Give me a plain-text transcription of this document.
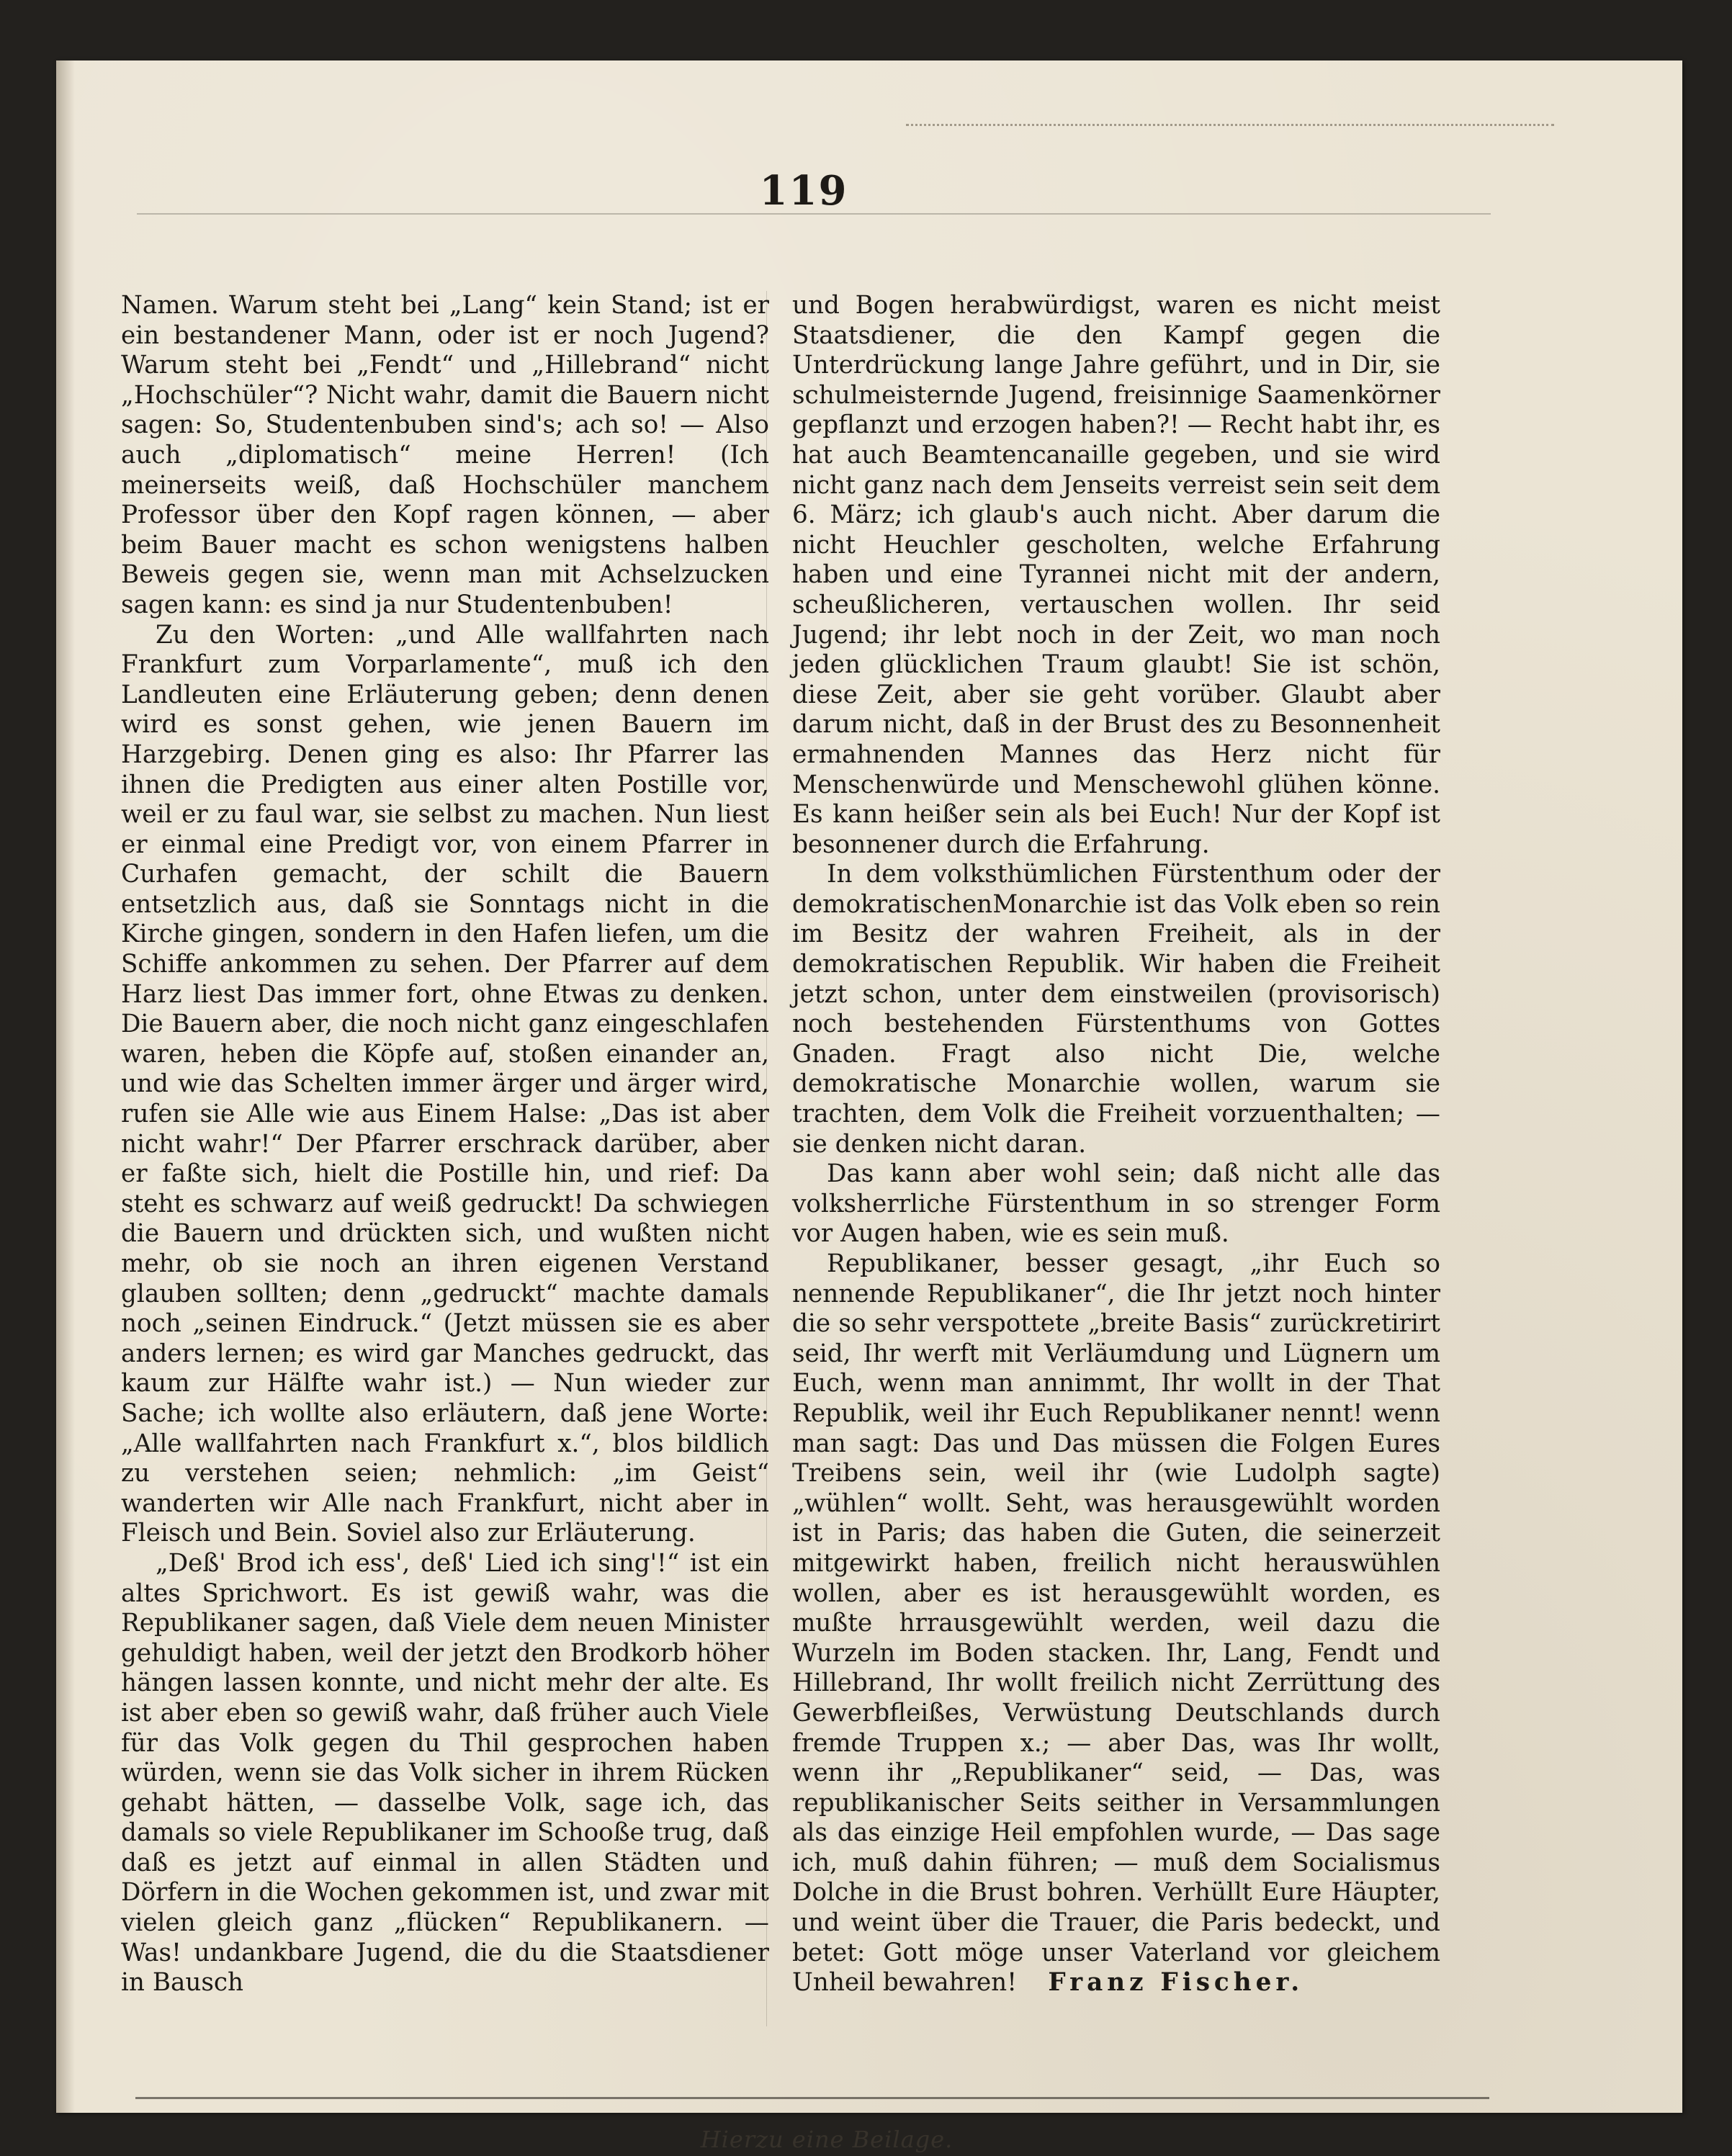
119

Namen. Warum steht bei „Lang“ kein Stand; ist er ein bestandener Mann, oder ist er noch Jugend? Warum steht bei „Fendt“ und „Hillebrand“ nicht „Hochschüler“? Nicht wahr, damit die Bauern nicht sagen: So, Studentenbuben sind's; ach so! — Also auch „diplomatisch“ meine Herren! (Ich meinerseits weiß, daß Hochschüler manchem Professor über den Kopf ragen können, — aber beim Bauer macht es schon wenigstens halben Beweis gegen sie, wenn man mit Achselzucken sagen kann: es sind ja nur Studentenbuben!

Zu den Worten: „und Alle wallfahrten nach Frankfurt zum Vorparlamente“, muß ich den Landleuten eine Erläuterung geben; denn denen wird es sonst gehen, wie jenen Bauern im Harzgebirg. Denen ging es also: Ihr Pfarrer las ihnen die Predigten aus einer alten Postille vor, weil er zu faul war, sie selbst zu machen. Nun liest er einmal eine Predigt vor, von einem Pfarrer in Curhafen gemacht, der schilt die Bauern entsetzlich aus, daß sie Sonntags nicht in die Kirche gingen, sondern in den Hafen liefen, um die Schiffe ankommen zu sehen. Der Pfarrer auf dem Harz liest Das immer fort, ohne Etwas zu denken. Die Bauern aber, die noch nicht ganz eingeschlafen waren, heben die Köpfe auf, stoßen einander an, und wie das Schelten immer ärger und ärger wird, rufen sie Alle wie aus Einem Halse: „Das ist aber nicht wahr!“ Der Pfarrer erschrack darüber, aber er faßte sich, hielt die Postille hin, und rief: Da steht es schwarz auf weiß gedruckt! Da schwiegen die Bauern und drückten sich, und wußten nicht mehr, ob sie noch an ihren eigenen Verstand glauben sollten; denn „gedruckt“ machte damals noch „seinen Eindruck.“ (Jetzt müssen sie es aber anders lernen; es wird gar Manches gedruckt, das kaum zur Hälfte wahr ist.) — Nun wieder zur Sache; ich wollte also erläutern, daß jene Worte: „Alle wallfahrten nach Frankfurt x.“, blos bildlich zu verstehen seien; nehmlich: „im Geist“ wanderten wir Alle nach Frankfurt, nicht aber in Fleisch und Bein. Soviel also zur Erläuterung.

„Deß' Brod ich ess', deß' Lied ich sing'!“ ist ein altes Sprichwort. Es ist gewiß wahr, was die Republikaner sagen, daß Viele dem neuen Minister gehuldigt haben, weil der jetzt den Brodkorb höher hängen lassen konnte, und nicht mehr der alte. Es ist aber eben so gewiß wahr, daß früher auch Viele für das Volk gegen du Thil gesprochen haben würden, wenn sie das Volk sicher in ihrem Rücken gehabt hätten, — dasselbe Volk, sage ich, das damals so viele Republikaner im Schooße trug, daß daß es jetzt auf einmal in allen Städten und Dörfern in die Wochen gekommen ist, und zwar mit vielen gleich ganz „flücken“ Republikanern. — Was! undankbare Jugend, die du die Staatsdiener in Bausch

und Bogen herabwürdigst, waren es nicht meist Staatsdiener, die den Kampf gegen die Unterdrückung lange Jahre geführt, und in Dir, sie schulmeisternde Jugend, freisinnige Saamenkörner gepflanzt und erzogen haben?! — Recht habt ihr, es hat auch Beamtencanaille gegeben, und sie wird nicht ganz nach dem Jenseits verreist sein seit dem 6. März; ich glaub's auch nicht. Aber darum die nicht Heuchler gescholten, welche Erfahrung haben und eine Tyrannei nicht mit der andern, scheußlicheren, vertauschen wollen. Ihr seid Jugend; ihr lebt noch in der Zeit, wo man noch jeden glücklichen Traum glaubt! Sie ist schön, diese Zeit, aber sie geht vorüber. Glaubt aber darum nicht, daß in der Brust des zu Besonnenheit ermahnenden Mannes das Herz nicht für Menschenwürde und Menschewohl glühen könne. Es kann heißer sein als bei Euch! Nur der Kopf ist besonnener durch die Erfahrung.

In dem volksthümlichen Fürstenthum oder der demokratischenMonarchie ist das Volk eben so rein im Besitz der wahren Freiheit, als in der demokratischen Republik. Wir haben die Freiheit jetzt schon, unter dem einstweilen (provisorisch) noch bestehenden Fürstenthums von Gottes Gnaden. Fragt also nicht Die, welche demokratische Monarchie wollen, warum sie trachten, dem Volk die Freiheit vorzuenthalten; — sie denken nicht daran.

Das kann aber wohl sein; daß nicht alle das volksherrliche Fürstenthum in so strenger Form vor Augen haben, wie es sein muß.

Republikaner, besser gesagt, „ihr Euch so nennende Republikaner“, die Ihr jetzt noch hinter die so sehr verspottete „breite Basis“ zurückretirirt seid, Ihr werft mit Verläumdung und Lügnern um Euch, wenn man annimmt, Ihr wollt in der That Republik, weil ihr Euch Republikaner nennt! wenn man sagt: Das und Das müssen die Folgen Eures Treibens sein, weil ihr (wie Ludolph sagte) „wühlen“ wollt. Seht, was herausgewühlt worden ist in Paris; das haben die Guten, die seinerzeit mitgewirkt haben, freilich nicht herauswühlen wollen, aber es ist herausgewühlt worden, es mußte hrrausgewühlt werden, weil dazu die Wurzeln im Boden stacken. Ihr, Lang, Fendt und Hillebrand, Ihr wollt freilich nicht Zerrüttung des Gewerbfleißes, Verwüstung Deutschlands durch fremde Truppen x.; — aber Das, was Ihr wollt, wenn ihr „Republikaner“ seid, — Das, was republikanischer Seits seither in Versammlungen als das einzige Heil empfohlen wurde, — Das sage ich, muß dahin führen; — muß dem Socialismus Dolche in die Brust bohren. Verhüllt Eure Häupter, und weint über die Trauer, die Paris bedeckt, und betet: Gott möge unser Vaterland vor gleichem Unheil bewahren! Franz Fischer.

Hierzu eine Beilage.
